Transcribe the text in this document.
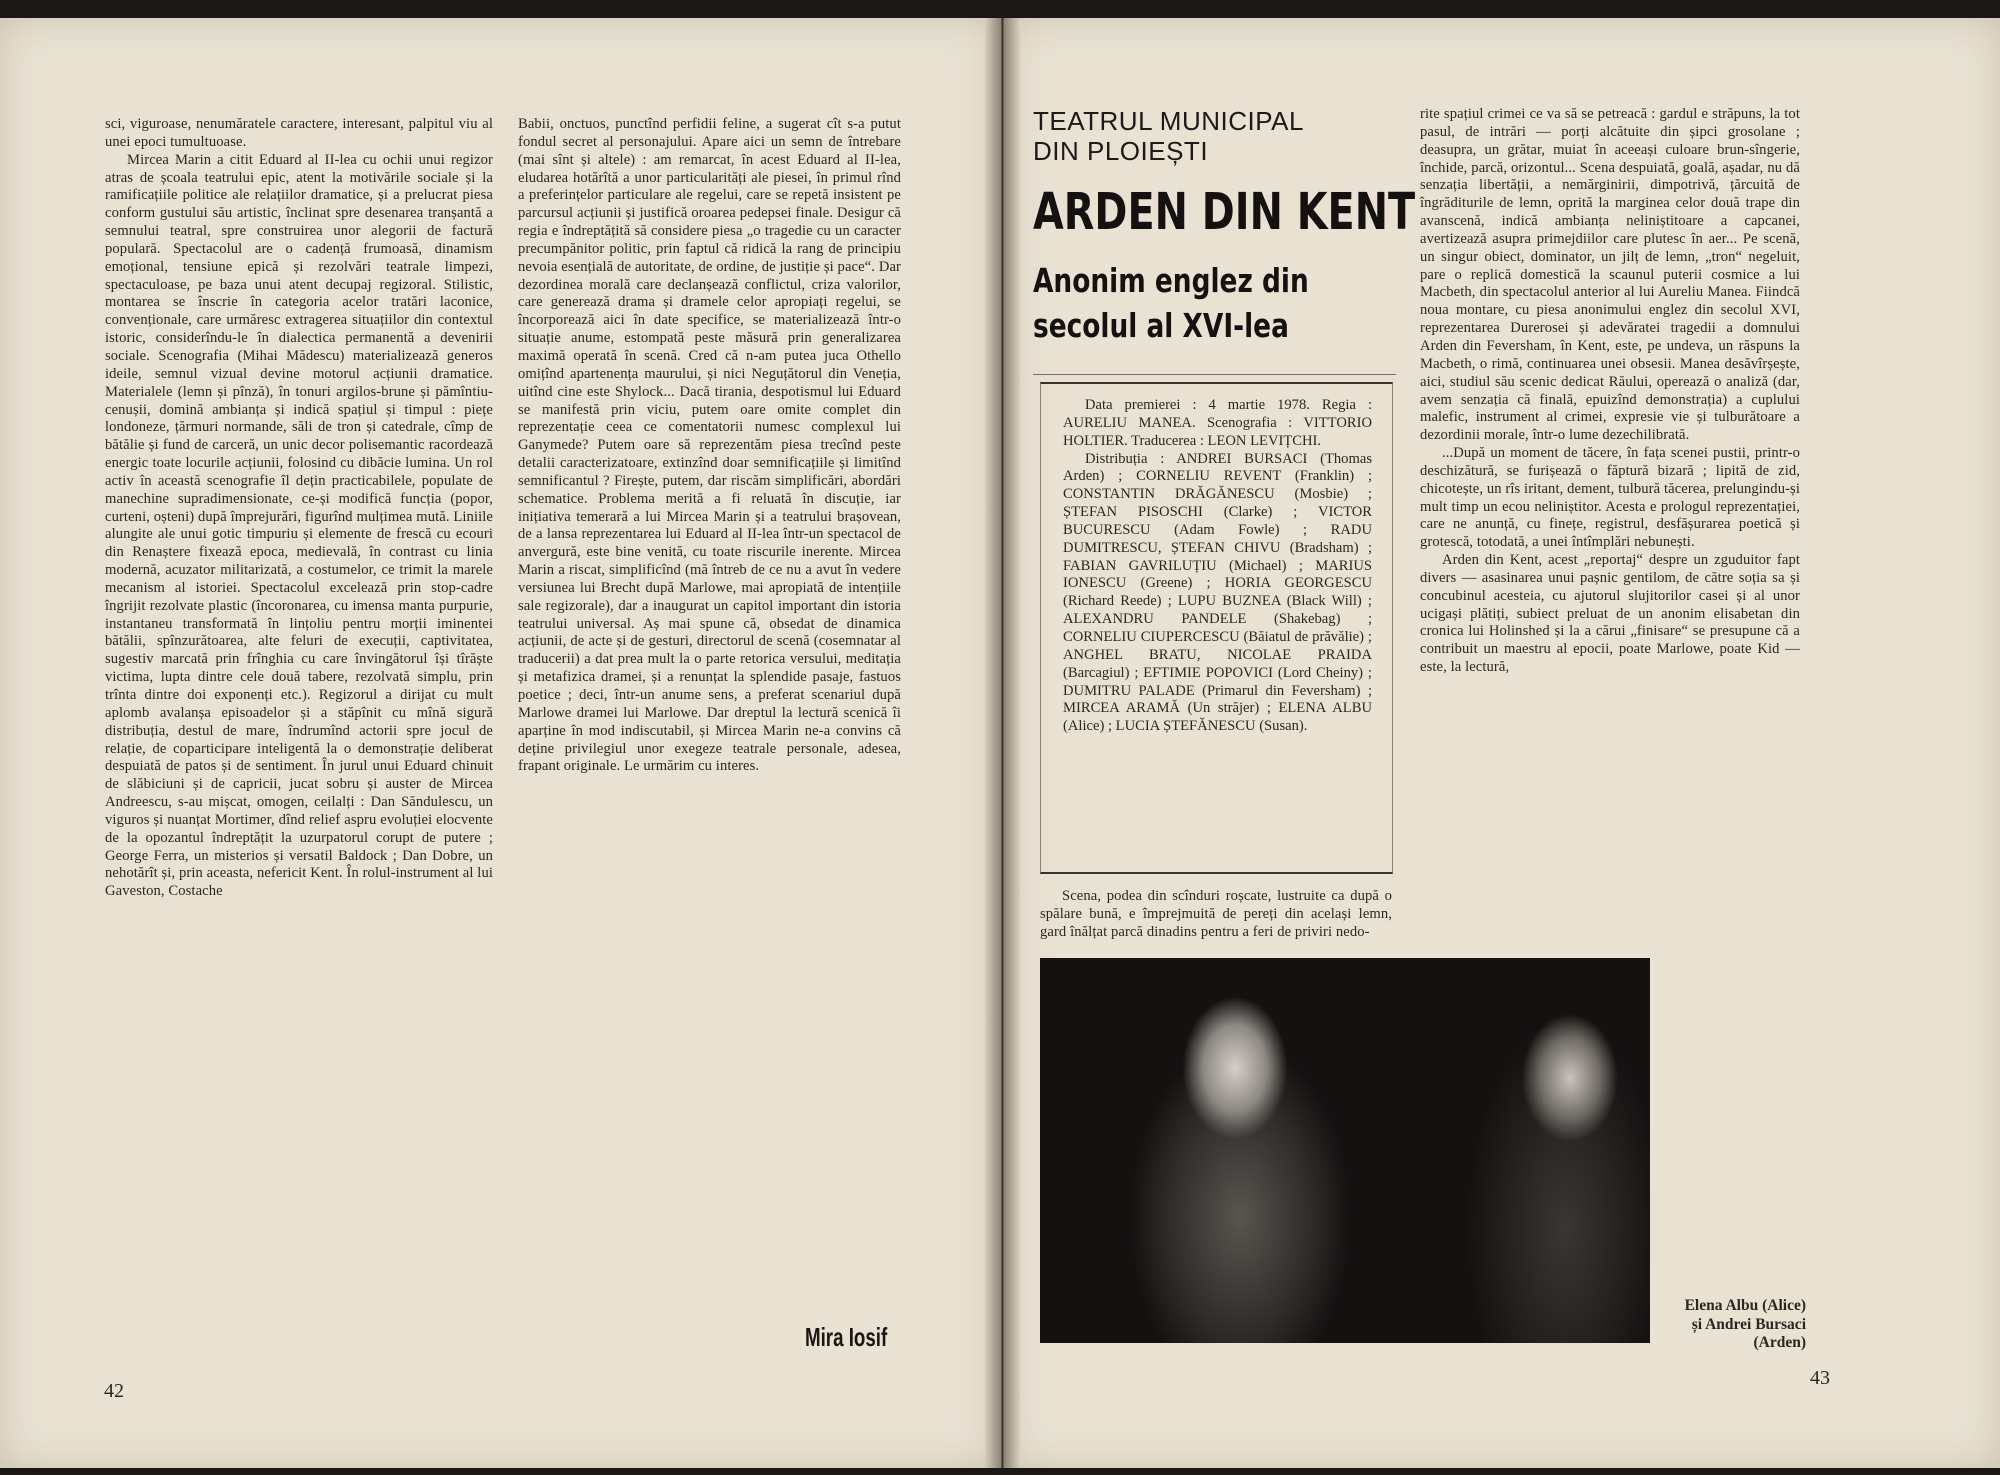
sci, viguroase, nenumăratele caractere, interesant, palpitul viu al unei epoci tumultuoase.

Mircea Marin a citit Eduard al II-lea cu ochii unui regizor atras de școala teatrului epic, atent la motivările sociale și la ramificațiile politice ale relațiilor dramatice, și a prelucrat piesa conform gustului său artistic, înclinat spre desenarea tranșantă a semnului teatral, spre construirea unor alegorii de factură populară. Spectacolul are o cadență frumoasă, dinamism emoțional, tensiune epică și rezolvări teatrale limpezi, spectaculoase, pe baza unui atent decupaj regizoral. Stilistic, montarea se înscrie în categoria acelor tratări laconice, convenționale, care urmăresc extragerea situațiilor din contextul istoric, considerîndu-le în dialectica permanentă a devenirii sociale. Scenografia (Mihai Mădescu) materializează generos ideile, semnul vizual devine motorul acțiunii dramatice. Materialele (lemn și pînză), în tonuri argilos-brune și pămîntiu-cenușii, domină ambianța și indică spațiul și timpul : piețe londoneze, țărmuri normande, săli de tron și catedrale, cîmp de bătălie și fund de carceră, un unic decor polisemantic racordează energic toate locurile acțiunii, folosind cu dibăcie lumina. Un rol activ în această scenografie îl dețin practicabilele, populate de manechine supradimensionate, ce-și modifică funcția (popor, curteni, oșteni) după împrejurări, figurînd mulțimea mută. Liniile alungite ale unui gotic timpuriu și elemente de frescă cu ecouri din Renaștere fixează epoca, medievală, în contrast cu linia modernă, acuzator militarizată, a costumelor, ce trimit la marele mecanism al istoriei. Spectacolul excelează prin stop-cadre îngrijit rezolvate plastic (încoronarea, cu imensa manta purpurie, instantaneu transformată în lințoliu pentru morții iminentei bătălii, spînzurătoarea, alte feluri de execuții, captivitatea, sugestiv marcată prin frînghia cu care învingătorul își tîrăște victima, lupta dintre cele două tabere, rezolvată simplu, prin trînta dintre doi exponenți etc.). Regizorul a dirijat cu mult aplomb avalanșa episoadelor și a stăpînit cu mînă sigură distribuția, destul de mare, îndrumînd actorii spre jocul de relație, de coparticipare inteligentă la o demonstrație deliberat despuiată de patos și de sentiment. În jurul unui Eduard chinuit de slăbiciuni și de capricii, jucat sobru și auster de Mircea Andreescu, s-au mișcat, omogen, ceilalți : Dan Săndulescu, un viguros și nuanțat Mortimer, dînd relief aspru evoluției elocvente de la opozantul îndreptățit la uzurpatorul corupt de putere ; George Ferra, un misterios și versatil Baldock ; Dan Dobre, un nehotărît și, prin aceasta, nefericit Kent. În rolul-instrument al lui Gaveston, Costache

Babii, onctuos, punctînd perfidii feline, a sugerat cît s-a putut fondul secret al personajului. Apare aici un semn de întrebare (mai sînt și altele) : am remarcat, în acest Eduard al II-lea, eludarea hotărîtă a unor particularități ale piesei, în primul rînd a preferințelor particulare ale regelui, care se repetă insistent pe parcursul acțiunii și justifică oroarea pedepsei finale. Desigur că regia e îndreptățită să considere piesa „o tragedie cu un caracter precumpănitor politic, prin faptul că ridică la rang de principiu nevoia esențială de autoritate, de ordine, de justiție și pace“. Dar dezordinea morală care declanșează conflictul, criza valorilor, care generează drama și dramele celor apropiați regelui, se încorporează aici în date specifice, se materializează într-o situație anume, estompată peste măsură prin generalizarea maximă operată în scenă. Cred că n-am putea juca Othello omițînd apartenența maurului, și nici Neguțătorul din Veneția, uitînd cine este Shylock... Dacă tirania, despotismul lui Eduard se manifestă prin viciu, putem oare omite complet din reprezentație ceea ce comentatorii numesc complexul lui Ganymede? Putem oare să reprezentăm piesa trecînd peste detalii caracterizatoare, extinzînd doar semnificațiile și limitînd semnificantul ? Firește, putem, dar riscăm simplificări, abordări schematice. Problema merită a fi reluată în discuție, iar inițiativa temerară a lui Mircea Marin și a teatrului brașovean, de a lansa reprezentarea lui Eduard al II-lea într-un spectacol de anvergură, este bine venită, cu toate riscurile inerente. Mircea Marin a riscat, simplificînd (mă întreb de ce nu a avut în vedere versiunea lui Brecht după Marlowe, mai apropiată de intențiile sale regizorale), dar a inaugurat un capitol important din istoria teatrului universal. Aș mai spune că, obsedat de dinamica acțiunii, de acte și de gesturi, directorul de scenă (cosemnatar al traducerii) a dat prea mult la o parte retorica versului, meditația și metafizica dramei, și a renunțat la splendide pasaje, fastuos poetice ; deci, într-un anume sens, a preferat scenariul după Marlowe dramei lui Marlowe. Dar dreptul la lectură scenică îi aparține în mod indiscutabil, și Mircea Marin ne-a convins că deține privilegiul unor exegeze teatrale personale, adesea, frapant originale. Le urmărim cu interes.

Mira Iosif
42
TEATRUL MUNICIPAL DIN PLOIEȘTI
ARDEN DIN KENT
Anonim englez din secolul al XVI-lea

Data premierei : 4 martie 1978. Regia : AURELIU MANEA. Scenografia : VITTORIO HOLTIER. Traducerea : LEON LEVIȚCHI.

Distribuția : ANDREI BURSACI (Thomas Arden) ; CORNELIU REVENT (Franklin) ; CONSTANTIN DRĂGĂNESCU (Mosbie) ; ȘTEFAN PISOSCHI (Clarke) ; VICTOR BUCURESCU (Adam Fowle) ; RADU DUMITRESCU, ȘTEFAN CHIVU (Bradsham) ; FABIAN GAVRILUȚIU (Michael) ; MARIUS IONESCU (Greene) ; HORIA GEORGESCU (Richard Reede) ; LUPU BUZNEA (Black Will) ; ALEXANDRU PANDELE (Shakebag) ; CORNELIU CIUPERCESCU (Băiatul de prăvălie) ; ANGHEL BRATU, NICOLAE PRAIDA (Barcagiul) ; EFTIMIE POPOVICI (Lord Cheiny) ; DUMITRU PALADE (Primarul din Feversham) ; MIRCEA ARAMĂ (Un străjer) ; ELENA ALBU (Alice) ; LUCIA ȘTEFĂNESCU (Susan).

Scena, podea din scînduri roșcate, lustruite ca după o spălare bună, e împrejmuită de pereți din același lemn, gard înălțat parcă dinadins pentru a feri de priviri nedo-

rite spațiul crimei ce va să se petreacă : gardul e străpuns, la tot pasul, de intrări — porți alcătuite din șipci grosolane ; deasupra, un grătar, muiat în aceeași culoare brun-sîngerie, închide, parcă, orizontul... Scena despuiată, goală, așadar, nu dă senzația libertății, a nemărginirii, dimpotrivă, țărcuită de îngrăditurile de lemn, oprită la marginea celor două trape din avanscenă, indică ambianța neliniștitoare a capcanei, avertizează asupra primejdiilor care plutesc în aer... Pe scenă, un singur obiect, dominator, un jilț de lemn, „tron“ negeluit, pare o replică domestică la scaunul puterii cosmice a lui Macbeth, din spectacolul anterior al lui Aureliu Manea. Fiindcă noua montare, cu piesa anonimului englez din secolul XVI, reprezentarea Durerosei și adevăratei tragedii a domnului Arden din Feversham, în Kent, este, pe undeva, un răspuns la Macbeth, o rimă, continuarea unei obsesii. Manea desăvîrșește, aici, studiul său scenic dedicat Răului, operează o analiză (dar, avem senzația că finală, epuizînd demonstrația) a cuplului malefic, instrument al crimei, expresie vie și tulburătoare a dezordinii morale, într-o lume dezechilibrată.

...După un moment de tăcere, în fața scenei pustii, printr-o deschizătură, se furișează o făptură bizară ; lipită de zid, chicotește, un rîs iritant, dement, tulbură tăcerea, prelungindu-și mult timp un ecou neliniștitor. Acesta e prologul reprezentației, care ne anunță, cu finețe, registrul, desfășurarea poetică și grotescă, totodată, a unei întîmplări nebunești.

Arden din Kent, acest „reportaj“ despre un zguduitor fapt divers — asasinarea unui pașnic gentilom, de către soția sa și concubinul acesteia, cu ajutorul slujitorilor casei și al unor ucigași plătiți, subiect preluat de un anonim elisabetan din cronica lui Holinshed și la a cărui „finisare“ se presupune că a contribuit un maestru al epocii, poate Marlowe, poate Kid — este, la lectură,

Elena Albu (Alice)
și Andrei Bursaci
(Arden)
43
